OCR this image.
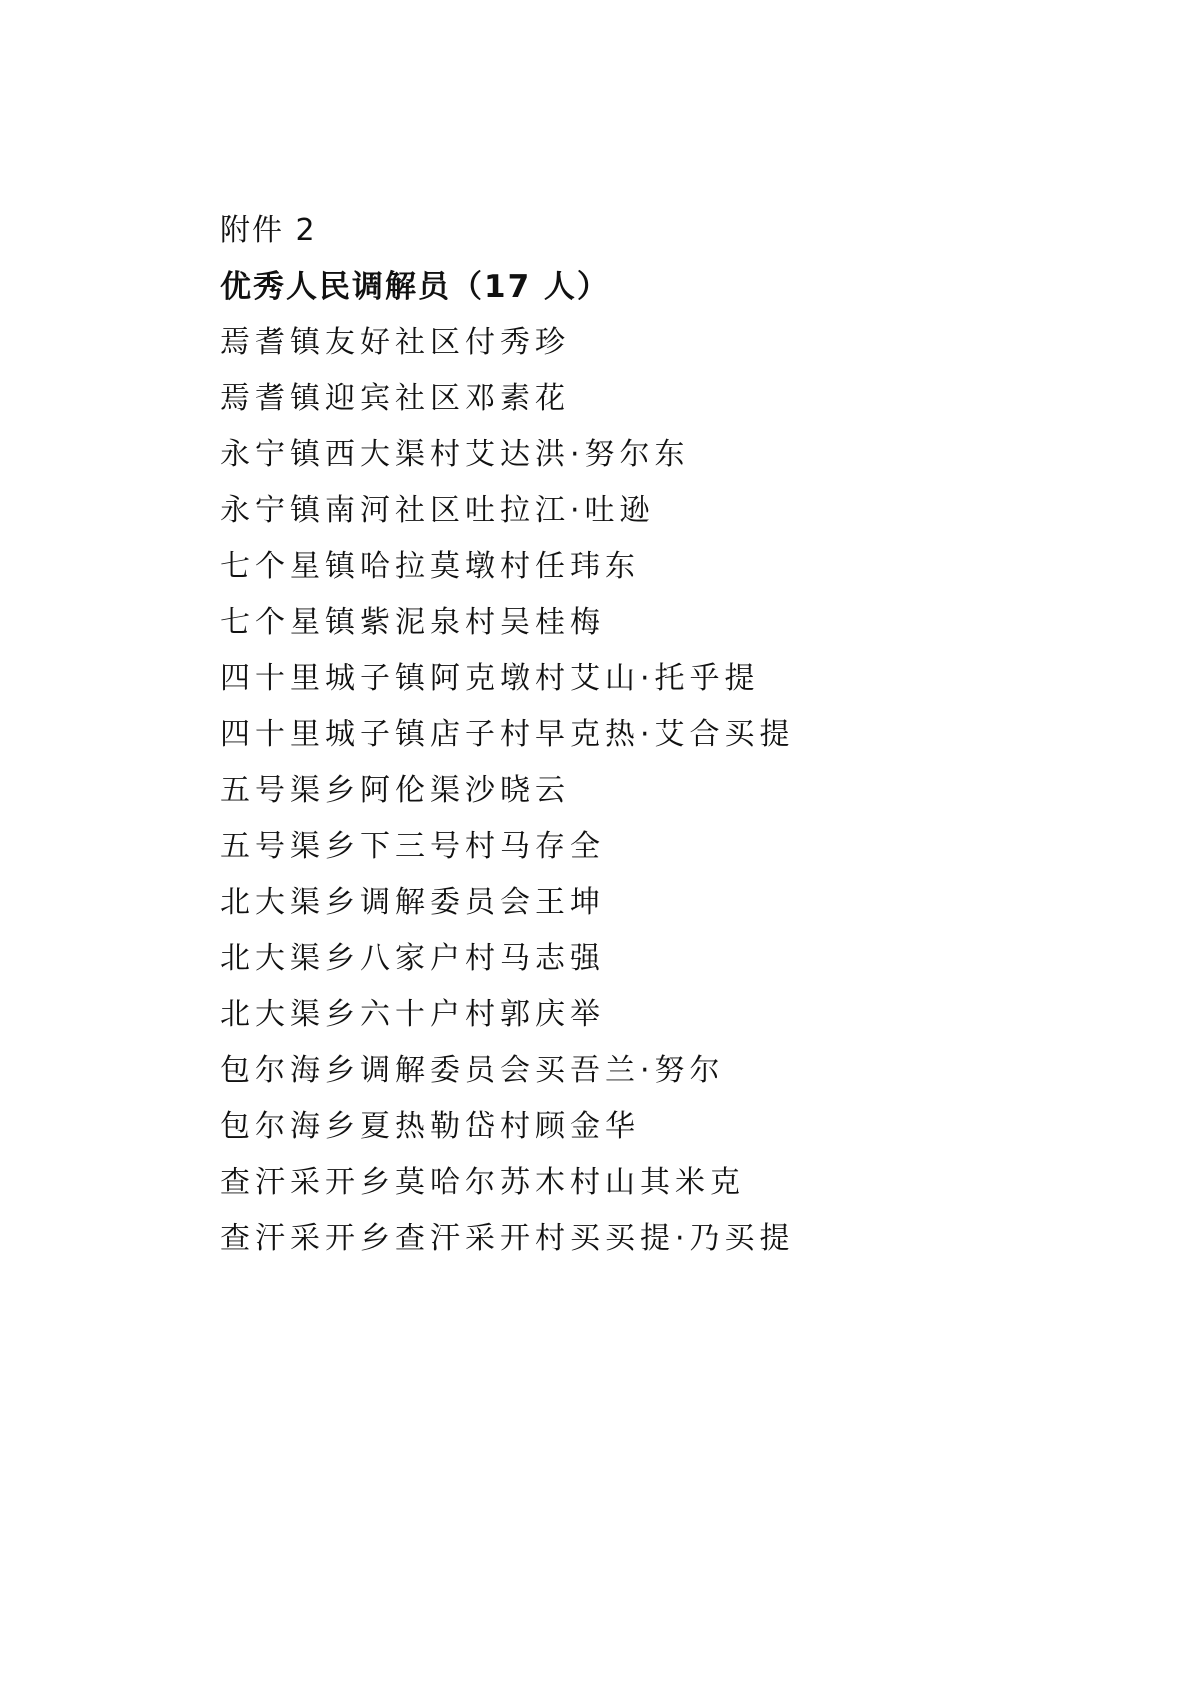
附件 2
优秀人民调解员（17 人）
焉耆镇友好社区付秀珍
焉耆镇迎宾社区邓素花
永宁镇西大渠村艾达洪·努尔东
永宁镇南河社区吐拉江·吐逊
七个星镇哈拉莫墩村任玮东
七个星镇紫泥泉村吴桂梅
四十里城子镇阿克墩村艾山·托乎提
四十里城子镇店子村早克热·艾合买提
五号渠乡阿伦渠沙晓云
五号渠乡下三号村马存全
北大渠乡调解委员会王坤
北大渠乡八家户村马志强
北大渠乡六十户村郭庆举
包尔海乡调解委员会买吾兰·努尔
包尔海乡夏热勒岱村顾金华
查汗采开乡莫哈尔苏木村山其米克
查汗采开乡查汗采开村买买提·乃买提
